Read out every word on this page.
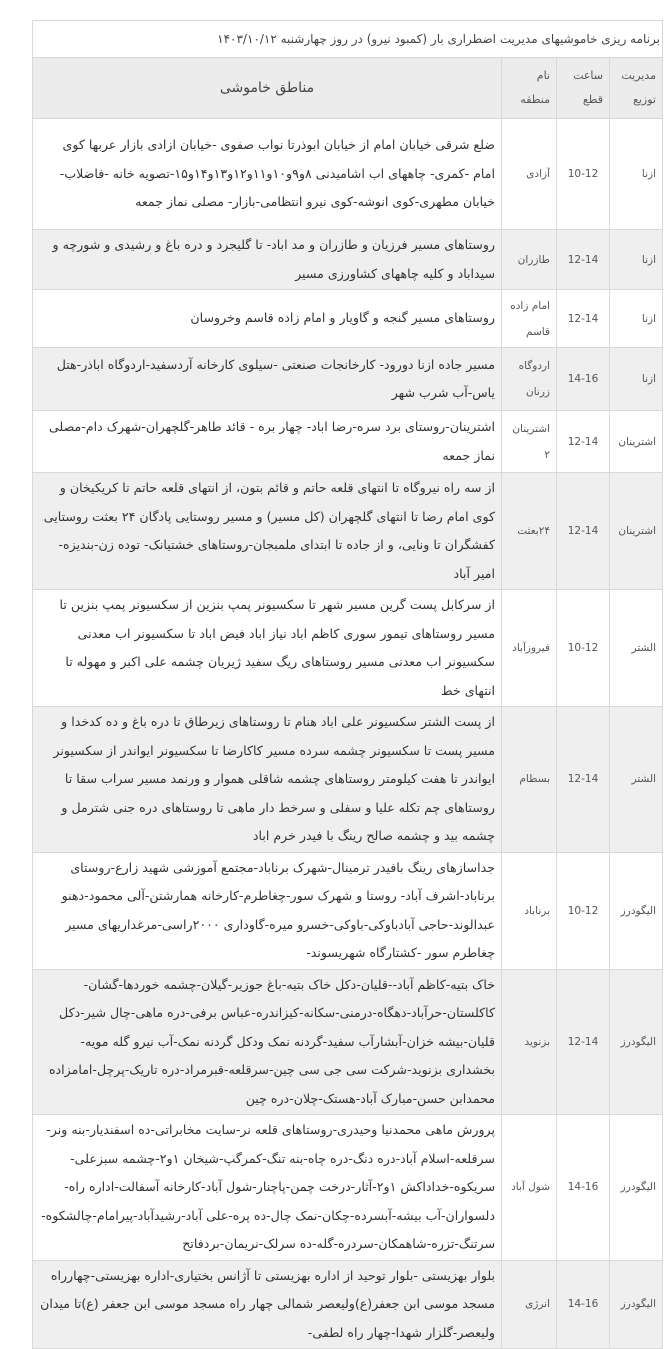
برنامه ریزی خاموشیهای مدیریت اضطراری بار (کمبود نیرو) در روز چهارشنبه ۱۴۰۳/۱۰/۱۲			
مدیریت توزیع	ساعت قطع	نام منطقه	مناطق خاموشی
ازنا	10-12	آزادی	ضلع شرقی خیابان امام از خیابان ابوذرتا نواب صفوی -خیابان ازادی بازار عربها کوی امام -کمری- چاههای اب اشامیدنی ۸و۹و۱۰و۱۱و۱۲و۱۳و۱۴و۱۵-تصویه خانه -فاضلاب-خیابان مطهری-کوی انوشه-کوی نیرو انتظامی-بازار- مصلی نماز جمعه
ازنا	12-14	طازران	روستاهای مسیر فرزیان و طازران و مد اباد- تا گلیجرد و دره باغ و رشیدی و شورچه و سیداباد و کلیه چاههای کشاورزی مسیر
ازنا	12-14	امام زاده قاسم	روستاهای مسیر گنجه و گاویار و امام زاده قاسم وخروسان
ازنا	14-16	اردوگاه زرنان	مسیر جاده ازنا دورود- کارخانجات صنعتی -سیلوی کارخانه آردسفید-اردوگاه اباذر-هتل یاس-آب شرب شهر
اشترینان	12-14	اشترینان ۲	اشترینان-روستای برد سره-رضا اباد- چهار بره - قائد طاهر-گلچهران-شهرک دام-مصلی نماز جمعه
اشترینان	12-14	۲۴بعثت	از سه راه نیروگاه تا انتهای قلعه حاتم و قائم بتون، از انتهای قلعه حاتم تا کریکیخان و کوی امام رضا تا انتهای گلچهران (کل مسیر) و مسیر روستایی پادگان ۲۴ بعثت روستایی کفشگران تا ونایی، و از جاده تا ابتدای ملمبجان-روستاهای خشتیانک- توده زن-بندیزه- امیر آباد
الشتر	10-12	فیروزآباد	از سرکابل پست گرین مسیر شهر تا سکسیونر پمپ بنزین از سکسیونر پمپ بنزین تا مسیر روستاهای تیمور سوری کاظم اباد نیاز اباد فیض اباد تا سکسیونر اب معدنی سکسیونر اب معدنی مسیر روستاهای ریگ سفید ژیریان چشمه علی اکبر و مهوله تا انتهای خط
الشتر	12-14	بسطام	از پست الشتر سکسیونر علی اباد هنام تا روستاهای زیرطاق تا دره باغ و ده کدخدا و مسیر پست تا سکسیونر چشمه سرده مسیر کاکارضا تا سکسیونر ایواندر از سکسیونر ایواندر تا هفت کیلومتر روستاهای چشمه شاقلی هموار و ورنمد مسیر سراب سقا تا روستاهای چم تکله علیا و سفلی و سرخط دار ماهی تا روستاهای دره جنی شترمل و چشمه بید و چشمه صالح رینگ با فیدر خرم اباد
الیگودرز	10-12	برناباد	جداسازهای رینگ بافیدر ترمینال-شهرک برناباد-مجتمع آموزشی شهید زارع-روستای برناباد-اشرف آباد- روستا و شهرک سور-چغاطرم-کارخانه همارشتن-آلی محمود-دهنو عبدالوند-حاجی آبادباوکی-باوکی-خسرو میره-گاوداری ۲۰۰۰راسی-مرغداریهای مسیر چغاطرم سور -کشتارگاه شهریسوند-
الیگودرز	12-14	بزنوید	خاک بتیه-کاظم آباد--قلیان-دکل خاک بتیه-باغ جوزیر-گیلان-چشمه خوردها-گشان-کاکلستان-حرآباد-دهگاه-درمنی-سکانه-کیزاندره-عباس برفی-دره ماهی-چال شیر-دکل قلیان-بیشه خزان-آبشارآب سفید-گردنه نمک ودکل گردنه نمک-آب نیرو گله مویه-بخشداری بزنوید-شرکت سی جی سی چین-سرقلعه-قبرمراد-دره تاریک-پرچل-امامزاده محمدابن حسن-مبارک آباد-هستک-چلان-دره چین
الیگودرز	14-16	شول آباد	پرورش ماهی محمدنیا وحیدری-روستاهای قلعه نر-سایت مخابراتی-ده اسفندیار-بنه ونر-سرقلعه-اسلام آباد-دره دنگ-دره چاه-بنه تنگ-کمرگپ-شیخان ۱و۲-چشمه سبزعلی-سریکوه-خداداکش ۱و۲-آثار-درخت چمن-پاچنار-شول آباد-کارخانه آسفالت-اداره راه-دلسواران-آب بیشه-آبسرده-چکان-نمک چال-ده پره-علی آباد-رشیدآباد-پیرامام-چالشکوه-سرتنگ-تزره-شاهمکان-سردره-گله-ده سرلک-نریمان-بردفاتح
الیگودرز	14-16	انرژی	بلوار بهزیستی -بلوار توحید از اداره بهزیستی تا آژانس بختیاری-اداره بهزیستی-چهارراه مسجد موسی ابن جعفر(ع)ولیعصر شمالی چهار راه مسجد موسی ابن جعفر (ع)تا میدان ولیعصر-گلزار شهدا-چهار راه لطفی-
